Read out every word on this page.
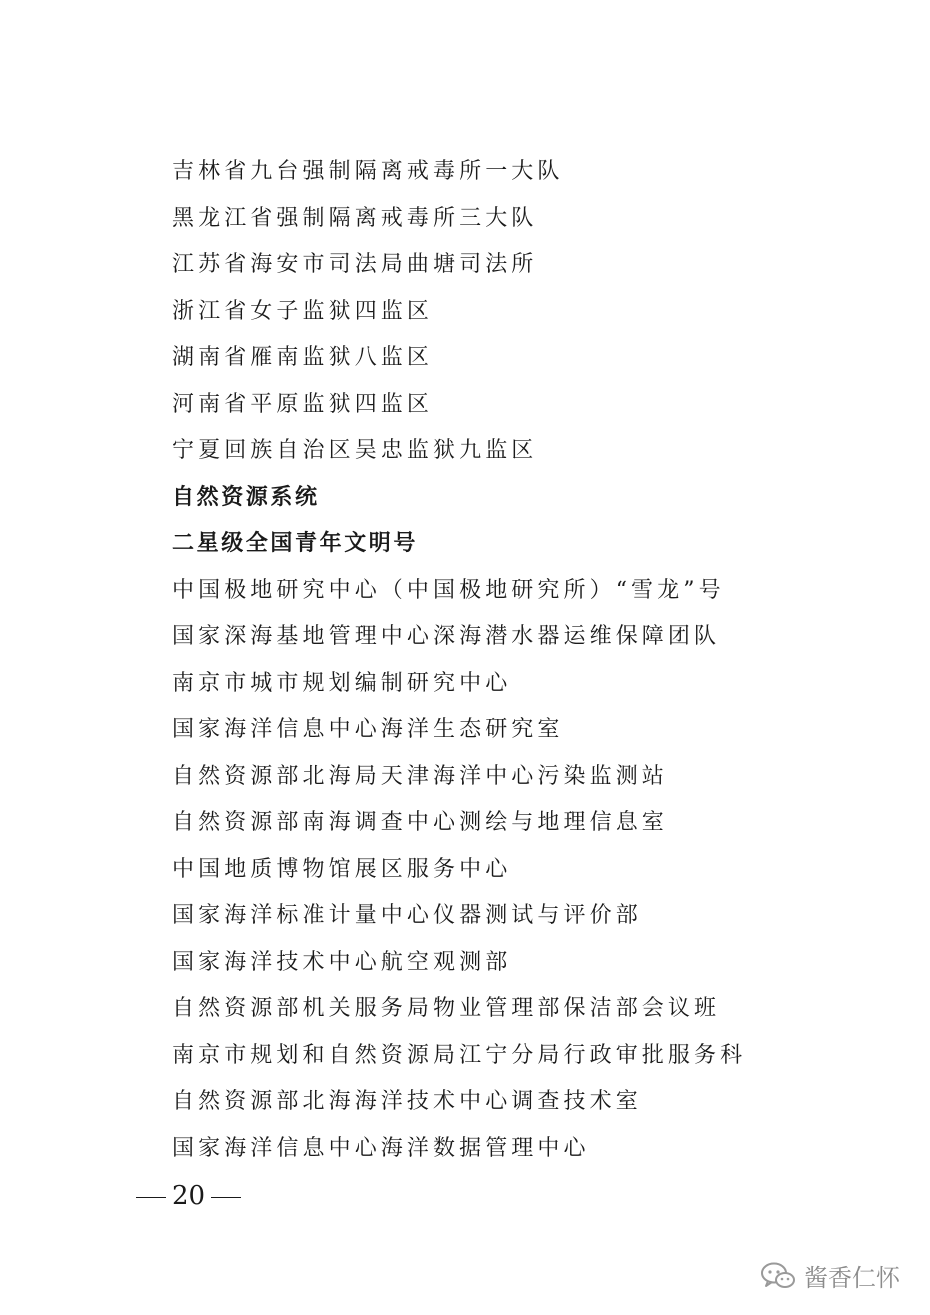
吉林省九台强制隔离戒毒所一大队
黑龙江省强制隔离戒毒所三大队
江苏省海安市司法局曲塘司法所
浙江省女子监狱四监区
湖南省雁南监狱八监区
河南省平原监狱四监区
宁夏回族自治区吴忠监狱九监区
自然资源系统
二星级全国青年文明号
中国极地研究中心（中国极地研究所）“雪龙”号
国家深海基地管理中心深海潜水器运维保障团队
南京市城市规划编制研究中心
国家海洋信息中心海洋生态研究室
自然资源部北海局天津海洋中心污染监测站
自然资源部南海调查中心测绘与地理信息室
中国地质博物馆展区服务中心
国家海洋标准计量中心仪器测试与评价部
国家海洋技术中心航空观测部
自然资源部机关服务局物业管理部保洁部会议班
南京市规划和自然资源局江宁分局行政审批服务科
自然资源部北海海洋技术中心调查技术室
国家海洋信息中心海洋数据管理中心
20
酱香仁怀
